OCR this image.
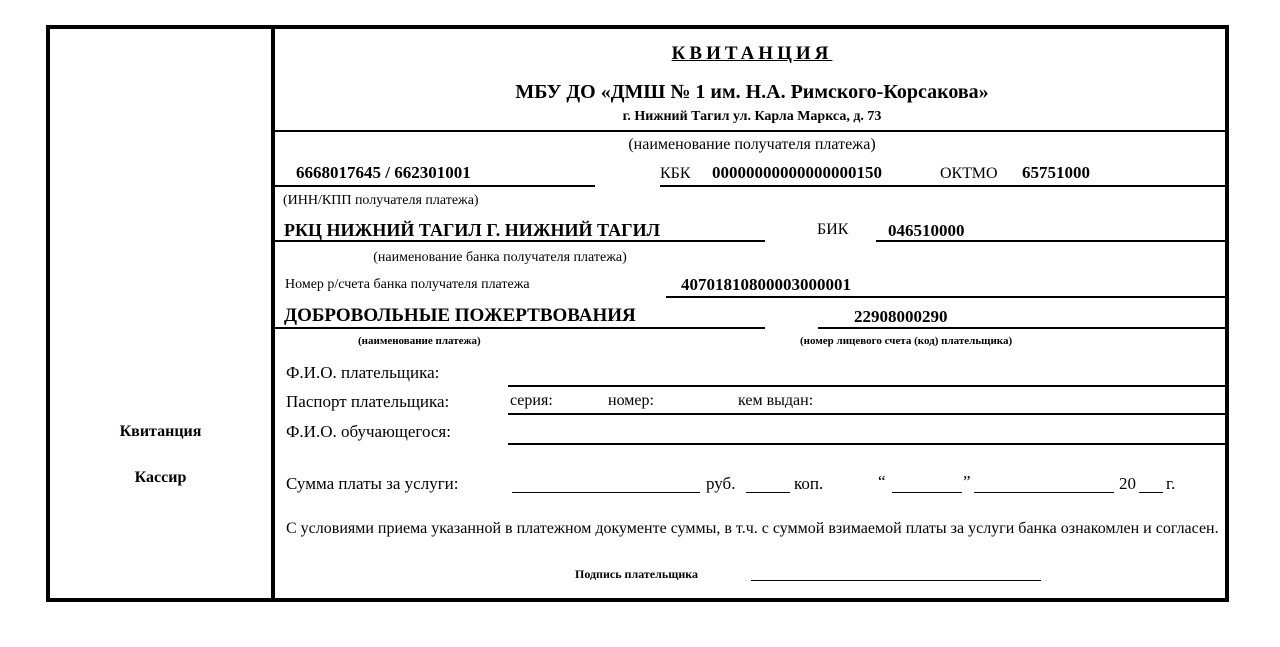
Квитанция
Кассир
КВИТАНЦИЯ
МБУ ДО «ДМШ № 1 им. Н.А. Римского-Корсакова»
г. Нижний Тагил ул. Карла Маркса, д. 73
(наименование получателя платежа)
6668017645 / 662301001	КБК 00000000000000000150	ОКТМО 65751000
(ИНН/КПП получателя платежа)
РКЦ НИЖНИЙ ТАГИЛ Г. НИЖНИЙ ТАГИЛ	БИК 046510000
(наименование банка получателя платежа)
Номер р/счета банка получателя платежа	40701810800003000001
ДОБРОВОЛЬНЫЕ ПОЖЕРТВОВАНИЯ	22908000290
(наименование платежа)	(номер лицевого счета (код) плательщика)
Ф.И.О. плательщика:
Паспорт плательщика:	серия:	номер:	кем выдан:
Ф.И.О. обучающегося:
Сумма платы за услуги:	руб.	коп.	“	”	20 г.
С условиями приема указанной в платежном документе суммы, в т.ч. с суммой взимаемой платы за услуги банка ознакомлен и согласен.
Подпись плательщика
